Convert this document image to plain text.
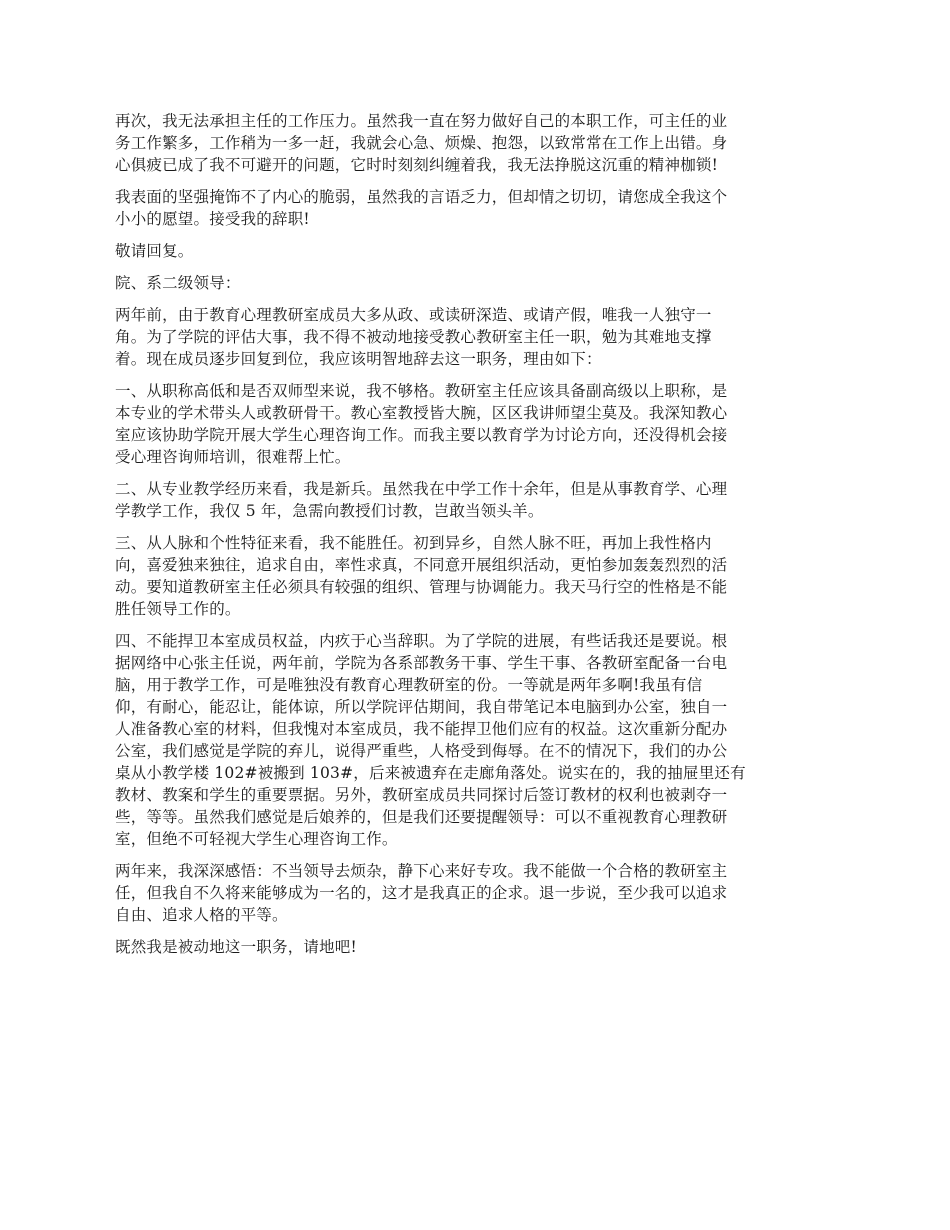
再次，我无法承担主任的工作压力。虽然我一直在努力做好自己的本职工作，可主任的业
务工作繁多，工作稍为一多一赶，我就会心急、烦燥、抱怨，以致常常在工作上出错。身
心俱疲已成了我不可避开的问题，它时时刻刻纠缠着我，我无法挣脱这沉重的精神枷锁!

我表面的坚强掩饰不了内心的脆弱，虽然我的言语乏力，但却情之切切，请您成全我这个
小小的愿望。接受我的辞职!

敬请回复。

院、系二级领导：

两年前，由于教育心理教研室成员大多从政、或读研深造、或请产假，唯我一人独守一
角。为了学院的评估大事，我不得不被动地接受教心教研室主任一职，勉为其难地支撑
着。现在成员逐步回复到位，我应该明智地辞去这一职务，理由如下：

一、从职称高低和是否双师型来说，我不够格。教研室主任应该具备副高级以上职称，是
本专业的学术带头人或教研骨干。教心室教授皆大腕，区区我讲师望尘莫及。我深知教心
室应该协助学院开展大学生心理咨询工作。而我主要以教育学为讨论方向，还没得机会接
受心理咨询师培训，很难帮上忙。

二、从专业教学经历来看，我是新兵。虽然我在中学工作十余年，但是从事教育学、心理
学教学工作，我仅 5 年，急需向教授们讨教，岂敢当领头羊。

三、从人脉和个性特征来看，我不能胜任。初到异乡，自然人脉不旺，再加上我性格内
向，喜爱独来独往，追求自由，率性求真，不同意开展组织活动，更怕参加轰轰烈烈的活
动。要知道教研室主任必须具有较强的组织、管理与协调能力。我天马行空的性格是不能
胜任领导工作的。

四、不能捍卫本室成员权益，内疚于心当辞职。为了学院的进展，有些话我还是要说。根
据网络中心张主任说，两年前，学院为各系部教务干事、学生干事、各教研室配备一台电
脑，用于教学工作，可是唯独没有教育心理教研室的份。一等就是两年多啊!我虽有信
仰，有耐心，能忍让，能体谅，所以学院评估期间，我自带笔记本电脑到办公室，独自一
人准备教心室的材料，但我愧对本室成员，我不能捍卫他们应有的权益。这次重新分配办
公室，我们感觉是学院的弃儿，说得严重些，人格受到侮辱。在不的情况下，我们的办公
桌从小教学楼 102#被搬到 103#，后来被遗弃在走廊角落处。说实在的，我的抽屉里还有
教材、教案和学生的重要票据。另外，教研室成员共同探讨后签订教材的权利也被剥夺一
些，等等。虽然我们感觉是后娘养的，但是我们还要提醒领导：可以不重视教育心理教研
室，但绝不可轻视大学生心理咨询工作。

两年来，我深深感悟：不当领导去烦杂，静下心来好专攻。我不能做一个合格的教研室主
任，但我自不久将来能够成为一名的，这才是我真正的企求。退一步说，至少我可以追求
自由、追求人格的平等。

既然我是被动地这一职务，请地吧!
